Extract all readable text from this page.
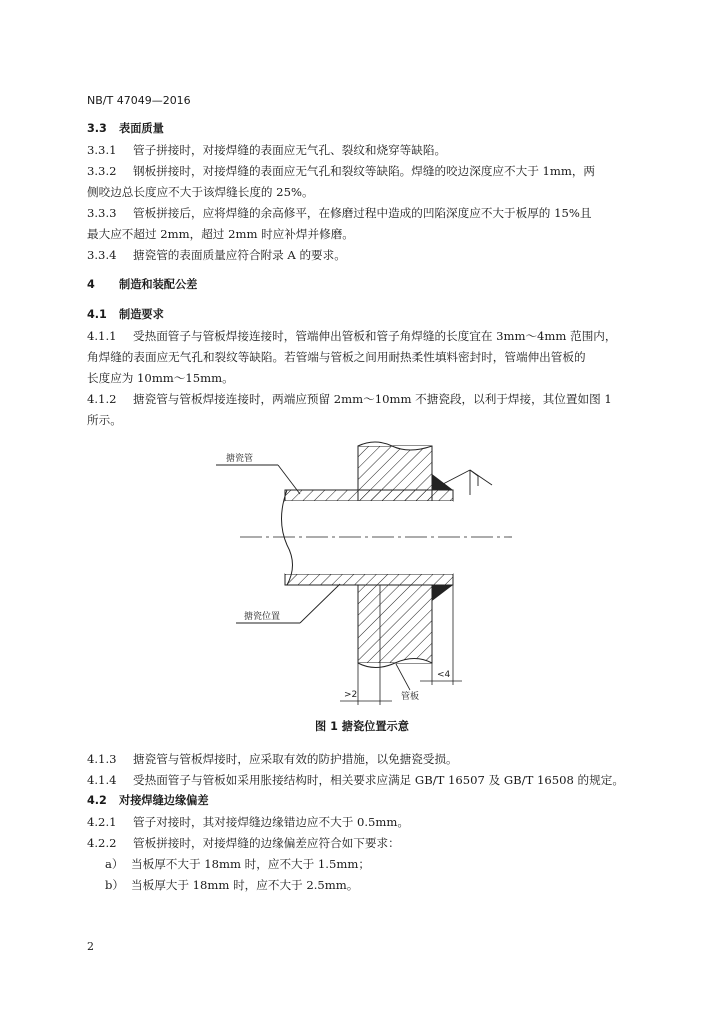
NB/T 47049—2016
3.3 表面质量
3.3.1 管子拼接时，对接焊缝的表面应无气孔、裂纹和烧穿等缺陷。
3.3.2 钢板拼接时，对接焊缝的表面应无气孔和裂纹等缺陷。焊缝的咬边深度应不大于 1mm，两
侧咬边总长度应不大于该焊缝长度的 25%。
3.3.3 管板拼接后，应将焊缝的余高修平，在修磨过程中造成的凹陷深度应不大于板厚的 15%且
最大应不超过 2mm，超过 2mm 时应补焊并修磨。
3.3.4 搪瓷管的表面质量应符合附录 A 的要求。
4 制造和装配公差
4.1 制造要求
4.1.1 受热面管子与管板焊接连接时，管端伸出管板和管子角焊缝的长度宜在 3mm～4mm 范围内，
角焊缝的表面应无气孔和裂纹等缺陷。若管端与管板之间用耐热柔性填料密封时，管端伸出管板的
长度应为 10mm～15mm。
4.1.2 搪瓷管与管板焊接连接时，两端应预留 2mm～10mm 不搪瓷段，以利于焊接，其位置如图 1
所示。
4.1.3 搪瓷管与管板焊接时，应采取有效的防护措施，以免搪瓷受损。
4.1.4 受热面管子与管板如采用胀接结构时，相关要求应满足 GB/T 16507 及 GB/T 16508 的规定。
4.2 对接焊缝边缘偏差
4.2.1 管子对接时，其对接焊缝边缘错边应不大于 0.5mm。
4.2.2 管板拼接时，对接焊缝的边缘偏差应符合如下要求：
a） 当板厚不大于 18mm 时，应不大于 1.5mm；
b） 当板厚大于 18mm 时，应不大于 2.5mm。
搪瓷管
搪瓷位置
>2
<4
管板
图 1 搪瓷位置示意
2
